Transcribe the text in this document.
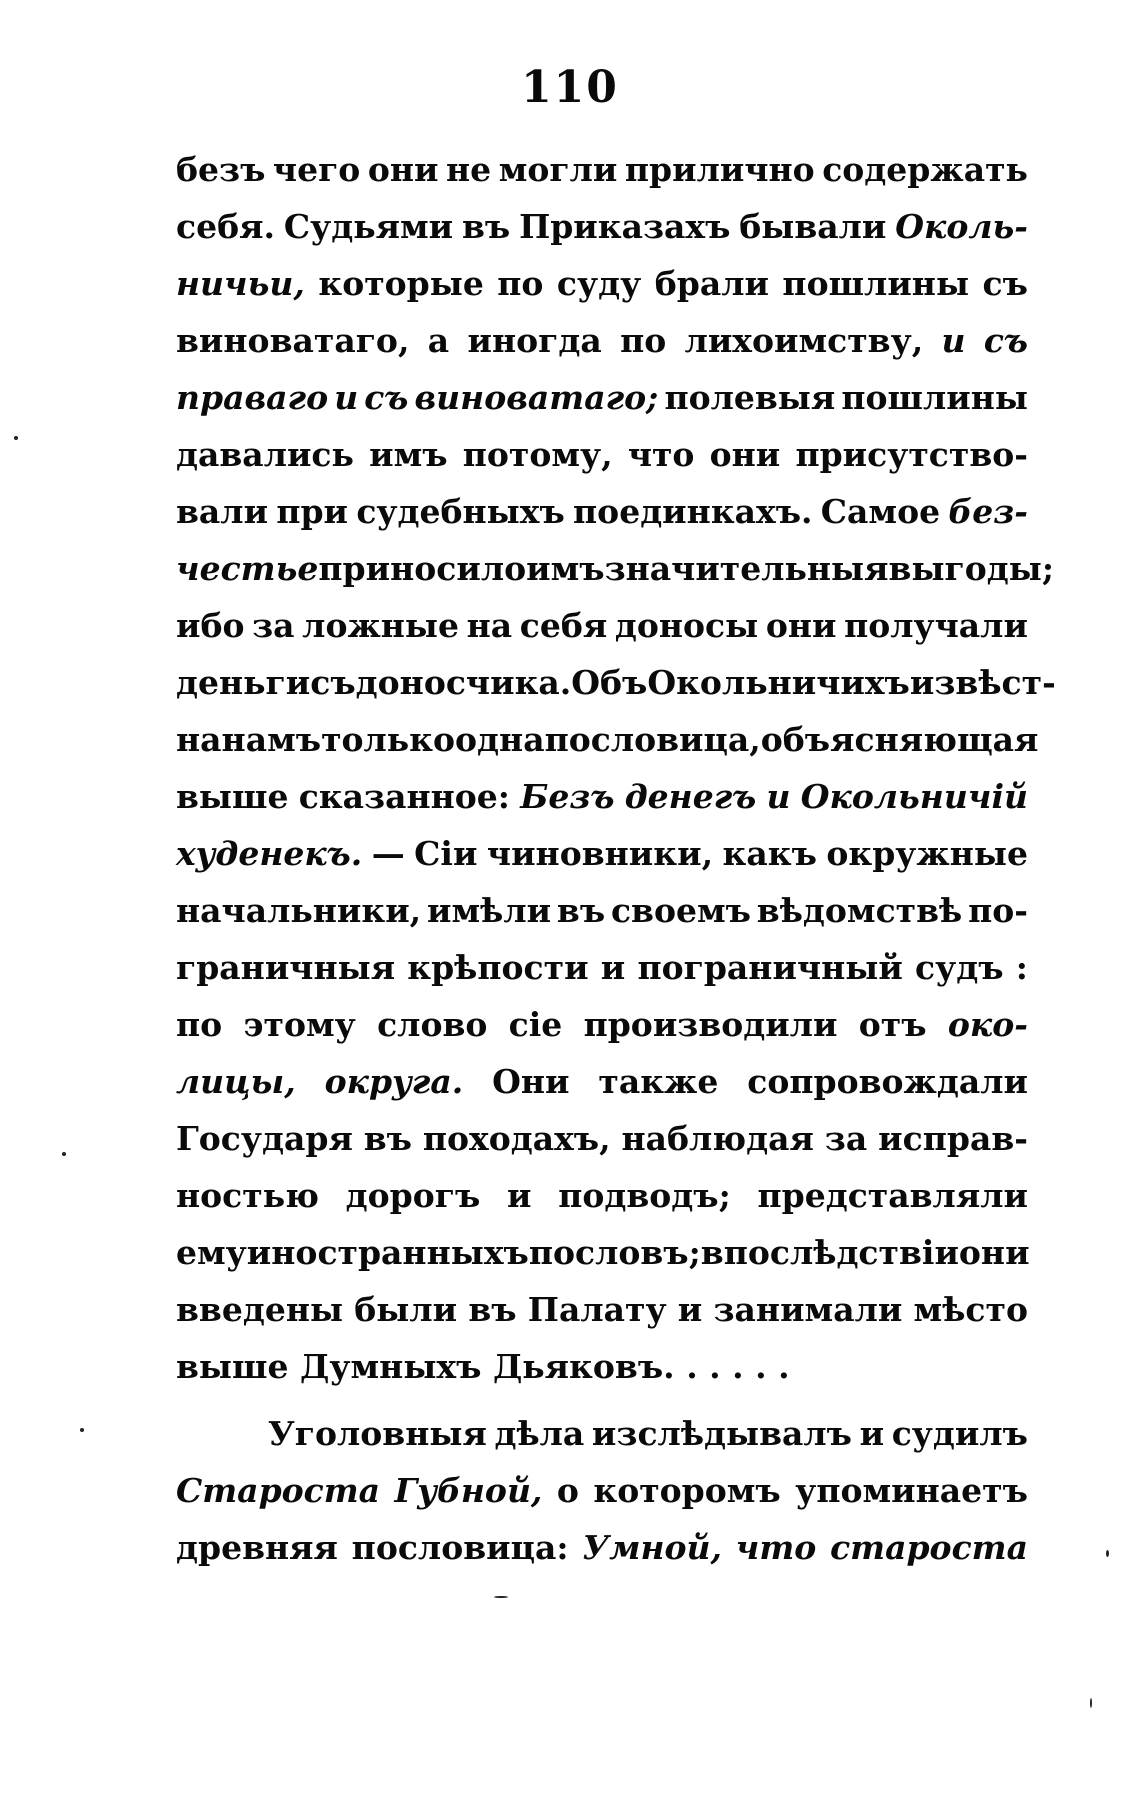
110
безъ чего они не могли прилично содержать
себя. Судьями въ Приказахъ бывали Околь-
ничьи, которые по суду брали пошлины съ
виноватаго, а иногда по лихоимству, и съ
праваго и съ виноватаго; полевыя пошлины
давались имъ потому, что они присутство-
вали при судебныхъ поединкахъ. Самое без-
честье приносило имъ значительныя выгоды;
ибо за ложные на себя доносы они получали
деньги съ доносчика. Объ Окольничихъ извѣст-
на намъ только одна пословица, объясняющая
выше сказанное: Безъ денегъ и Окольничій
худенекъ. — Сіи чиновники, какъ окружные
начальники, имѣли въ своемъ вѣдомствѣ по-
граничныя крѣпости и пограничный судъ :
по этому слово сіе производили отъ око-
лицы, округа. Они также сопровождали
Государя въ походахъ, наблюдая за исправ-
ностью дорогъ и подводъ; представляли
ему иностранныхъ пословъ; впослѣдствіи они
введены были въ Палату и занимали мѣсто
выше Думныхъ Дьяковъ. . . . . .
Уголовныя дѣла изслѣдывалъ и судилъ
Староста Губной, о которомъ упоминаетъ
древняя пословица: Умной, что староста
